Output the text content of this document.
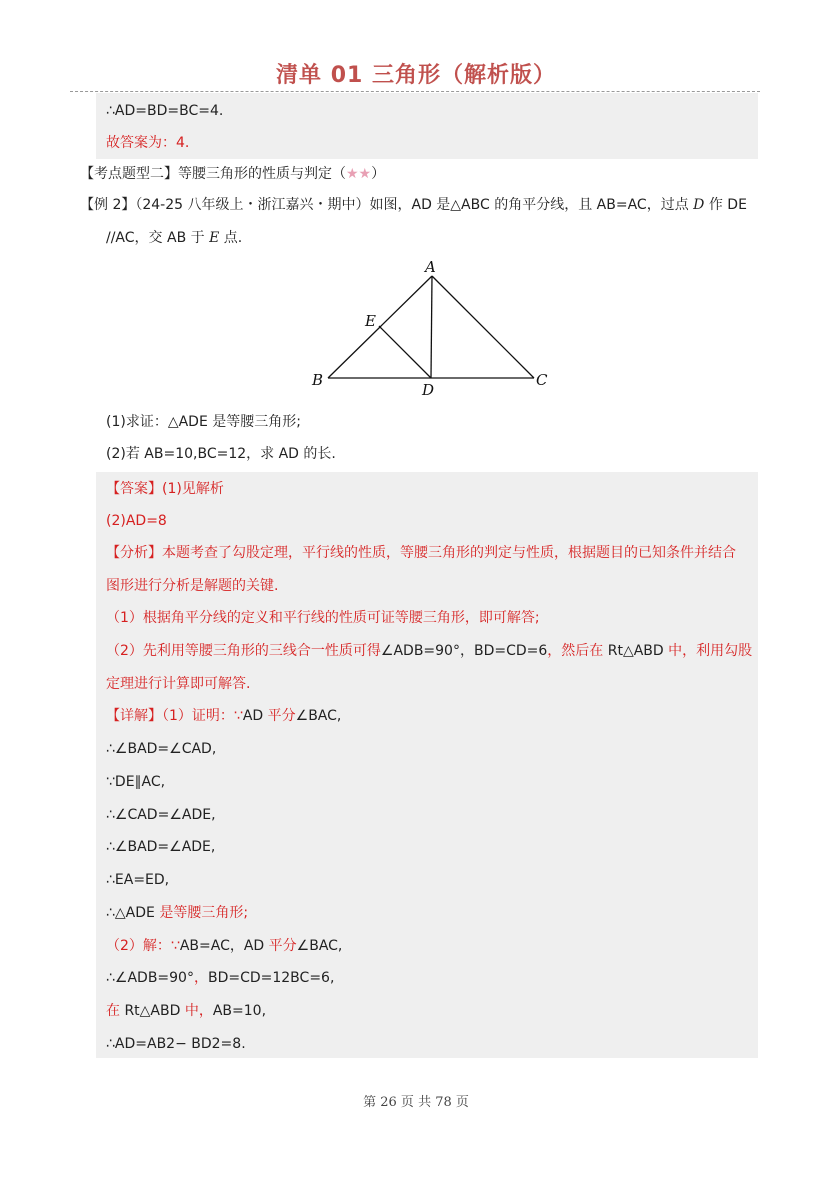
清单 01 三角形（解析版）
∴AD=BD=BC=4.
故答案为：4.
【考点题型二】等腰三角形的性质与判定（★★）
【例 2】（24-25 八年级上・浙江嘉兴・期中）如图，AD 是△ABC 的角平分线，且 AB=AC，过点 D 作 DE
//AC，交 AB 于 E 点.
A
E
B
D
C
(1)求证：△ADE 是等腰三角形;
(2)若 AB=10,BC=12，求 AD 的长.
【答案】(1)见解析
(2)AD=8
【分析】本题考查了勾股定理，平行线的性质，等腰三角形的判定与性质，根据题目的已知条件并结合
图形进行分析是解题的关键.
（1）根据角平分线的定义和平行线的性质可证等腰三角形，即可解答;
（2）先利用等腰三角形的三线合一性质可得∠ADB=90°，BD=CD=6，然后在 Rt△ABD 中，利用勾股
定理进行计算即可解答.
【详解】（1）证明：∵AD 平分∠BAC,
∴∠BAD=∠CAD,
∵DE∥AC,
∴∠CAD=∠ADE,
∴∠BAD=∠ADE,
∴EA=ED,
∴△ADE 是等腰三角形;
（2）解：∵AB=AC，AD 平分∠BAC,
∴∠ADB=90°，BD=CD=12BC=6,
在 Rt△ABD 中，AB=10,
∴AD=AB2− BD2=8.
第 26 页 共 78 页
